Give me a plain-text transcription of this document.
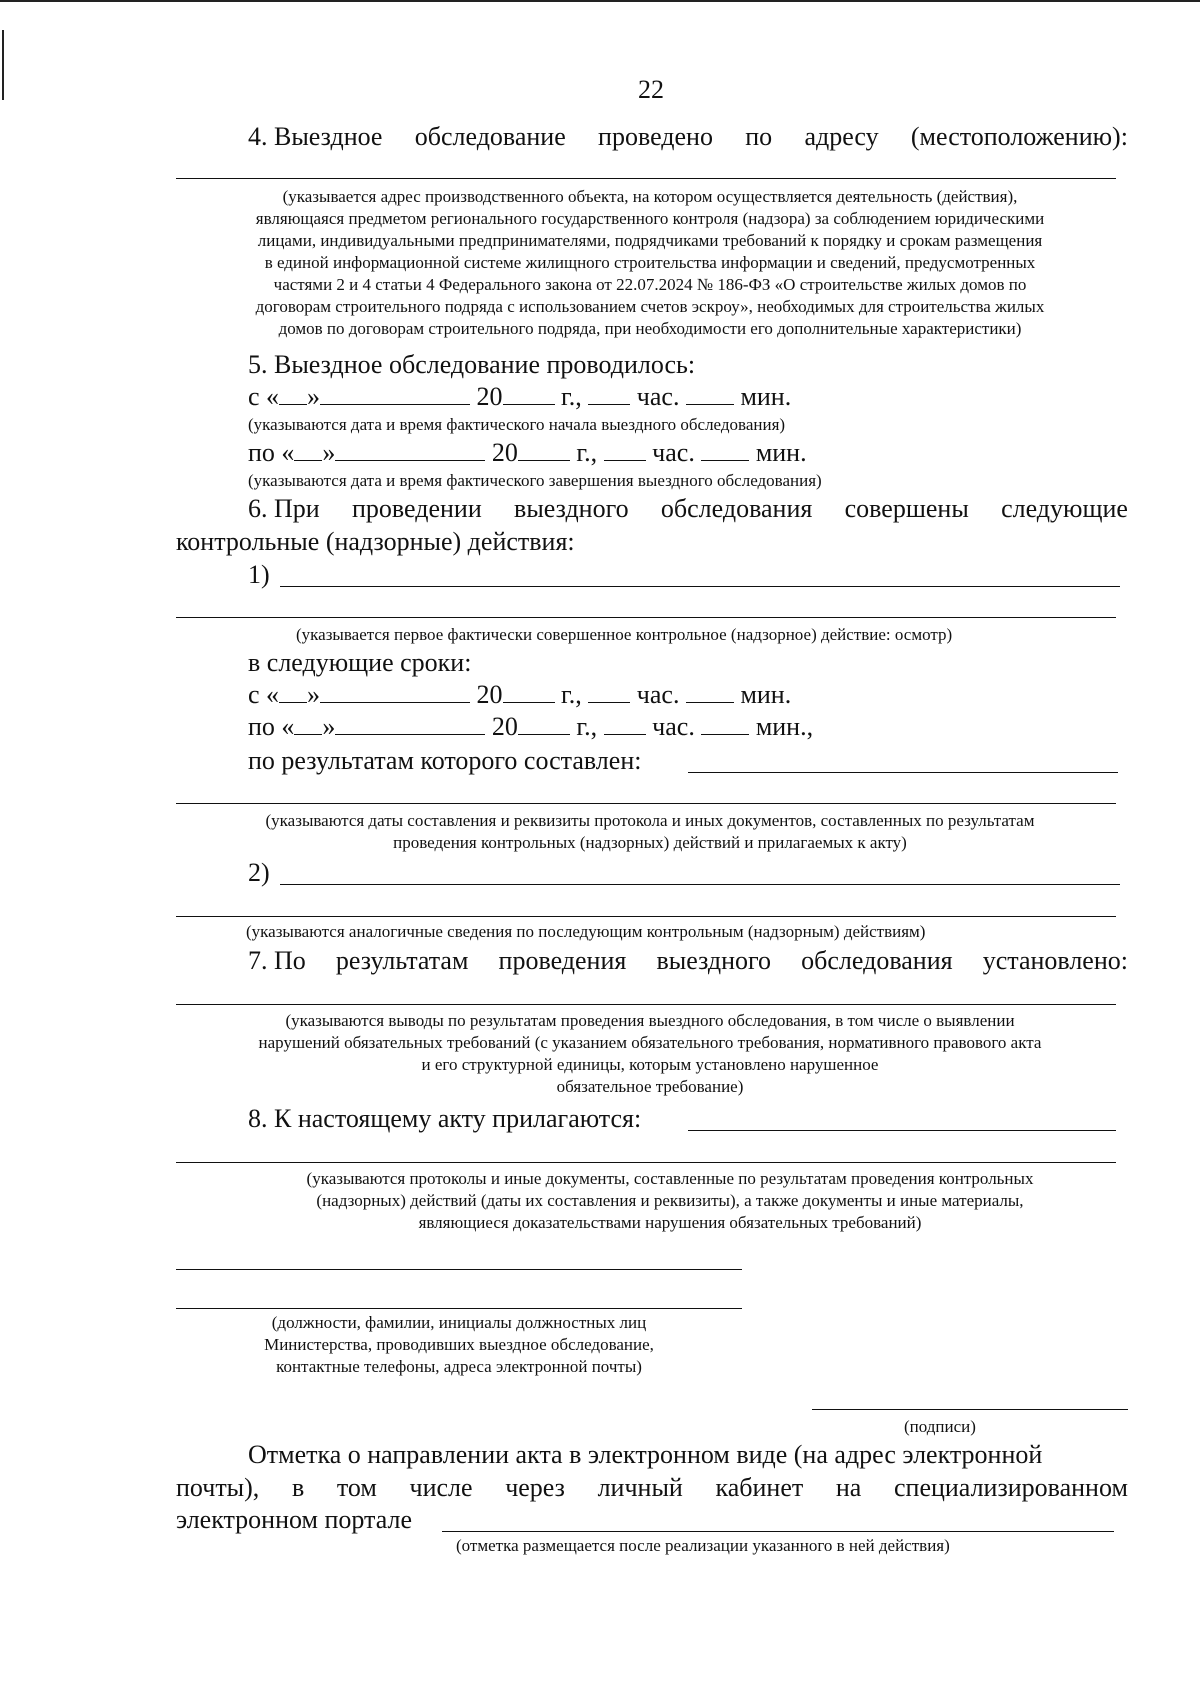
22
4. Выездное обследование проведено по адресу (местоположению):
(указывается адрес производственного объекта, на котором осуществляется деятельность (действия),
являющаяся предметом регионального государственного контроля (надзора) за соблюдением юридическими
лицами, индивидуальными предпринимателями, подрядчиками требований к порядку и срокам размещения
в единой информационной системе жилищного строительства информации и сведений, предусмотренных
частями 2 и 4 статьи 4 Федерального закона от 22.07.2024 № 186-ФЗ «О строительстве жилых домов по
договорам строительного подряда с использованием счетов эскроу», необходимых для строительства жилых
домов по договорам строительного подряда, при необходимости его дополнительные характеристики)
5. Выездное обследование проводилось:
с « »	20 г., час. мин.
(указываются дата и время фактического начала выездного обследования)
по « »	20 г., час. мин.
(указываются дата и время фактического завершения выездного обследования)
6. При проведении выездного обследования совершены следующие
контрольные (надзорные) действия:
1)
(указывается первое фактически совершенное контрольное (надзорное) действие: осмотр)
в следующие сроки:
с « »	20 г., час. мин.
по « »	20 г., час. мин.,
по результатам которого составлен:
(указываются даты составления и реквизиты протокола и иных документов, составленных по результатам
проведения контрольных (надзорных) действий и прилагаемых к акту)
2)
(указываются аналогичные сведения по последующим контрольным (надзорным) действиям)
7. По результатам проведения выездного обследования установлено:
(указываются выводы по результатам проведения выездного обследования, в том числе о выявлении
нарушений обязательных требований (с указанием обязательного требования, нормативного правового акта
и его структурной единицы, которым установлено нарушенное
обязательное требование)
8. К настоящему акту прилагаются:
(указываются протоколы и иные документы, составленные по результатам проведения контрольных
(надзорных) действий (даты их составления и реквизиты), а также документы и иные материалы,
являющиеся доказательствами нарушения обязательных требований)
(должности, фамилии, инициалы должностных лиц
Министерства, проводивших выездное обследование,
контактные телефоны, адреса электронной почты)
(подписи)
Отметка о направлении акта в электронном виде (на адрес электронной
почты), в том числе через личный кабинет на специализированном
электронном портале
(отметка размещается после реализации указанного в ней действия)
